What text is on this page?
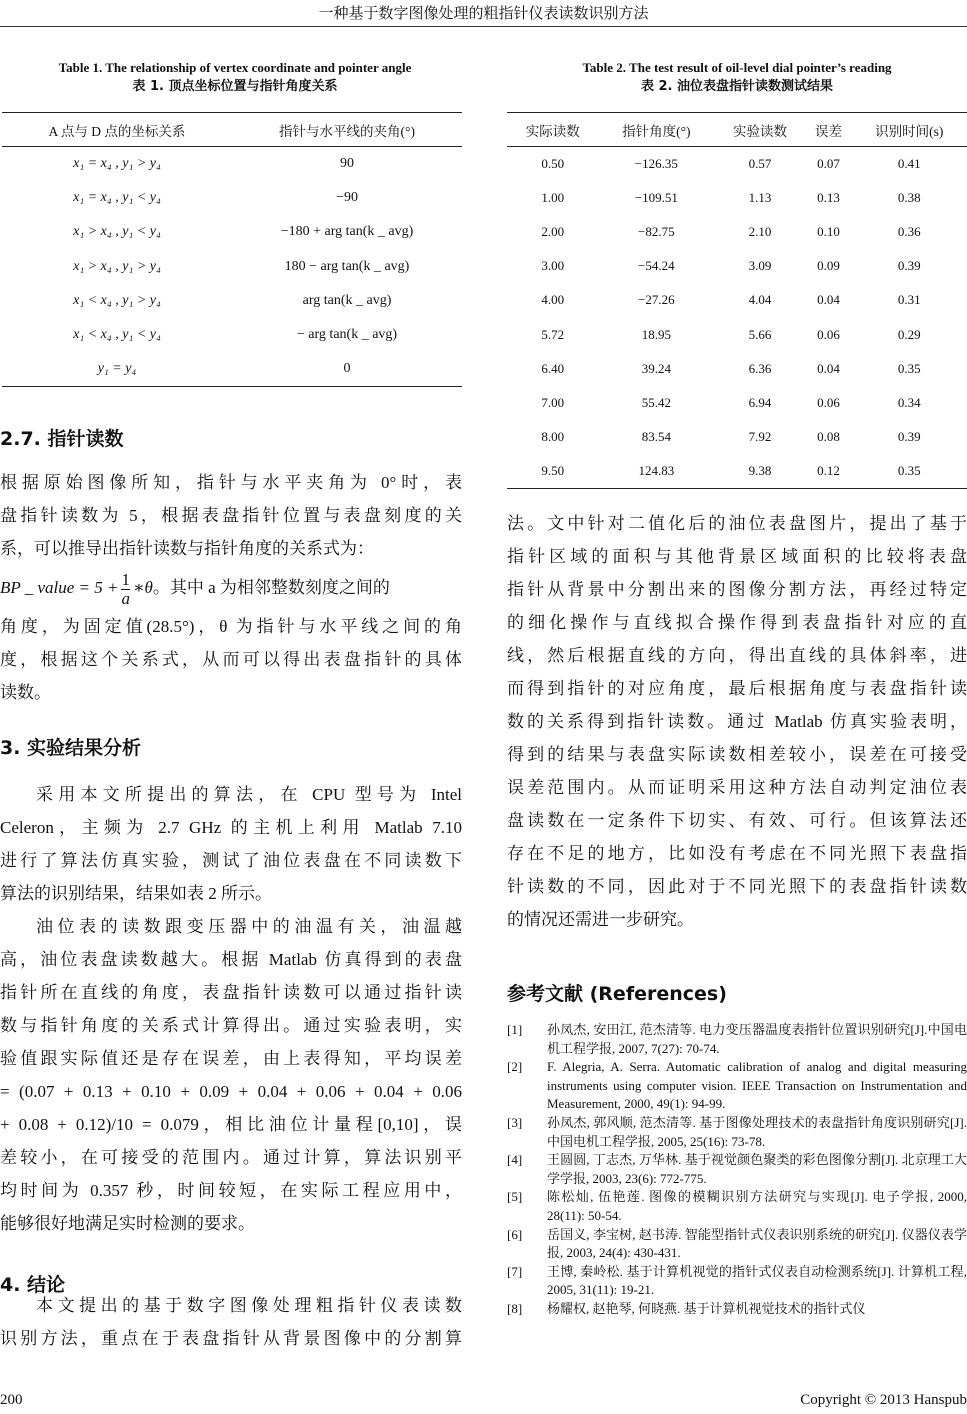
一种基于数字图像处理的粗指针仪表读数识别方法
Table 1. The relationship of vertex coordinate and pointer angle
表 1. 顶点坐标位置与指针角度关系
A 点与 D 点的坐标关系	指针与水平线的夹角(°)
x₁ = x₄ , y₁ > y₄	90
x₁ = x₄ , y₁ < y₄	−90
x₁ > x₄ , y₁ < y₄	−180 + arg tan(k _ avg)
x₁ > x₄ , y₁ > y₄	180 − arg tan(k _ avg)
x₁ < x₄ , y₁ > y₄	arg tan(k _ avg)
x₁ < x₄ , y₁ < y₄	− arg tan(k _ avg)
y₁ = y₄	0
Table 2. The test result of oil-level dial pointer’s reading
表 2. 油位表盘指针读数测试结果
实际读数	指针角度(°)	实验读数	误差	识别时间(s)
0.50	−126.35	0.57	0.07	0.41
1.00	−109.51	1.13	0.13	0.38
2.00	−82.75	2.10	0.10	0.36
3.00	−54.24	3.09	0.09	0.39
4.00	−27.26	4.04	0.04	0.31
5.72	18.95	5.66	0.06	0.29
6.40	39.24	6.36	0.04	0.35
7.00	55.42	6.94	0.06	0.34
8.00	83.54	7.92	0.08	0.39
9.50	124.83	9.38	0.12	0.35
2.7. 指针读数
根据原始图像所知，指针与水平夹角为 0°时，表
盘指针读数为 5，根据表盘指针位置与表盘刻度的关
系，可以推导出指针读数与指针角度的关系式为：
BP _ value = $5 + \frac{1}{a}$ ∗θ。其中 a 为相邻整数刻度之间的
角度，为固定值(28.5°)，θ 为指针与水平线之间的角
度，根据这个关系式，从而可以得出表盘指针的具体
读数。
3. 实验结果分析
采用本文所提出的算法，在 CPU 型号为 Intel
Celeron，主频为 2.7 GHz 的主机上利用 Matlab 7.10
进行了算法仿真实验，测试了油位表盘在不同读数下
算法的识别结果，结果如表 2 所示。
油位表的读数跟变压器中的油温有关，油温越
高，油位表盘读数越大。根据 Matlab 仿真得到的表盘
指针所在直线的角度，表盘指针读数可以通过指针读
数与指针角度的关系式计算得出。通过实验表明，实
验值跟实际值还是存在误差，由上表得知，平均误差
= (0.07 + 0.13 + 0.10 + 0.09 + 0.04 + 0.06 + 0.04 + 0.06
+ 0.08 + 0.12)/10 = 0.079，相比油位计量程[0,10]，误
差较小，在可接受的范围内。通过计算，算法识别平
均时间为 0.357 秒，时间较短，在实际工程应用中，
能够很好地满足实时检测的要求。
4. 结论
本文提出的基于数字图像处理粗指针仪表读数
识别方法，重点在于表盘指针从背景图像中的分割算
法。文中针对二值化后的油位表盘图片，提出了基于
指针区域的面积与其他背景区域面积的比较将表盘
指针从背景中分割出来的图像分割方法，再经过特定
的细化操作与直线拟合操作得到表盘指针对应的直
线，然后根据直线的方向，得出直线的具体斜率，进
而得到指针的对应角度，最后根据角度与表盘指针读
数的关系得到指针读数。通过 Matlab 仿真实验表明，
得到的结果与表盘实际读数相差较小，误差在可接受
误差范围内。从而证明采用这种方法自动判定油位表
盘读数在一定条件下切实、有效、可行。但该算法还
存在不足的地方，比如没有考虑在不同光照下表盘指
针读数的不同，因此对于不同光照下的表盘指针读数
的情况还需进一步研究。
参考文献 (References)
[1]	孙凤杰, 安田江, 范杰清等. 电力变压器温度表指针位置识别研究[J].中国电机工程学报, 2007, 7(27): 70-74.
[2]	F. Alegria, A. Serra. Automatic calibration of analog and digital measuring instruments using computer vision. IEEE Transaction on Instrumentation and Measurement, 2000, 49(1): 94-99.
[3]	孙凤杰, 郭风顺, 范杰清等. 基于图像处理技术的表盘指针角度识别研究[J]. 中国电机工程学报, 2005, 25(16): 73-78.
[4]	王圆圆, 丁志杰, 万华林. 基于视觉颜色聚类的彩色图像分割[J]. 北京理工大学学报, 2003, 23(6): 772-775.
[5]	陈松灿, 伍艳莲. 图像的模糊识别方法研究与实现[J]. 电子学报, 2000, 28(11): 50-54.
[6]	岳国义, 李宝树, 赵书涛. 智能型指针式仪表识别系统的研究[J]. 仪器仪表学报, 2003, 24(4): 430-431.
[7]	王博, 秦岭松. 基于计算机视觉的指针式仪表自动检测系统[J]. 计算机工程, 2005, 31(11): 19-21.
[8]	杨耀权, 赵艳琴, 何晓燕. 基于计算机视觉技术的指针式仪
200	Copyright © 2013 Hanspub
